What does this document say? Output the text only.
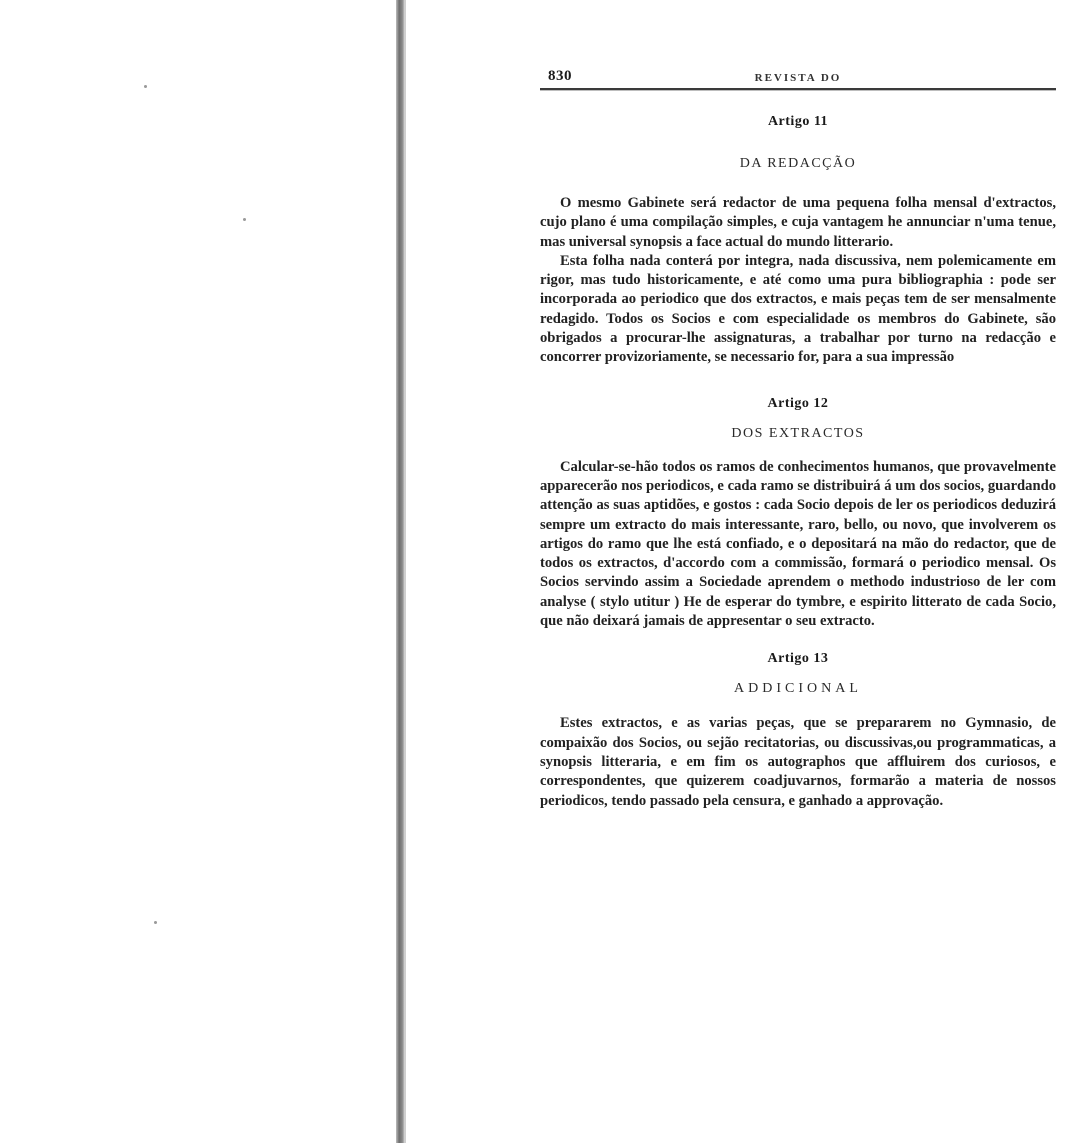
830	REVISTA DO

Artigo 11

DA REDACÇÃO

O mesmo Gabinete será redactor de uma pequena folha mensal d'extractos, cujo plano é uma compilação simples, e cuja vantagem he annunciar n'uma tenue, mas universal synopsis a face actual do mundo litterario.

Esta folha nada conterá por integra, nada discussiva, nem polemicamente em rigor, mas tudo historicamente, e até como uma pura bibliographia : pode ser incorporada ao periodico que dos extractos, e mais peças tem de ser mensalmente redagido. Todos os Socios e com especialidade os membros do Gabinete, são obrigados a procurar-lhe assignaturas, a trabalhar por turno na redacção e concorrer provizoriamente, se necessario for, para a sua impressão

Artigo 12

DOS EXTRACTOS

Calcular-se-hão todos os ramos de conhecimentos humanos, que provavelmente apparecerão nos periodicos, e cada ramo se distribuirá á um dos socios, guardando attenção as suas aptidões, e gostos : cada Socio depois de ler os periodicos deduzirá sempre um extracto do mais interessante, raro, bello, ou novo, que involverem os artigos do ramo que lhe está confiado, e o depositará na mão do redactor, que de todos os extractos, d'accordo com a commissão, formará o periodico mensal. Os Socios servindo assim a Sociedade aprendem o methodo industrioso de ler com analyse ( stylo utitur ) He de esperar do tymbre, e espirito litterato de cada Socio, que não deixará jamais de appresentar o seu extracto.

Artigo 13

ADDICIONAL

Estes extractos, e as varias peças, que se prepararem no Gymnasio, de compaixão dos Socios, ou sejão recitatorias, ou discussivas,ou programmaticas, a synopsis litteraria, e em fim os autographos que affluirem dos curiosos, e correspondentes, que quizerem coadjuvarnos, formarão a materia de nossos periodicos, tendo passado pela censura, e ganhado a approvação.
